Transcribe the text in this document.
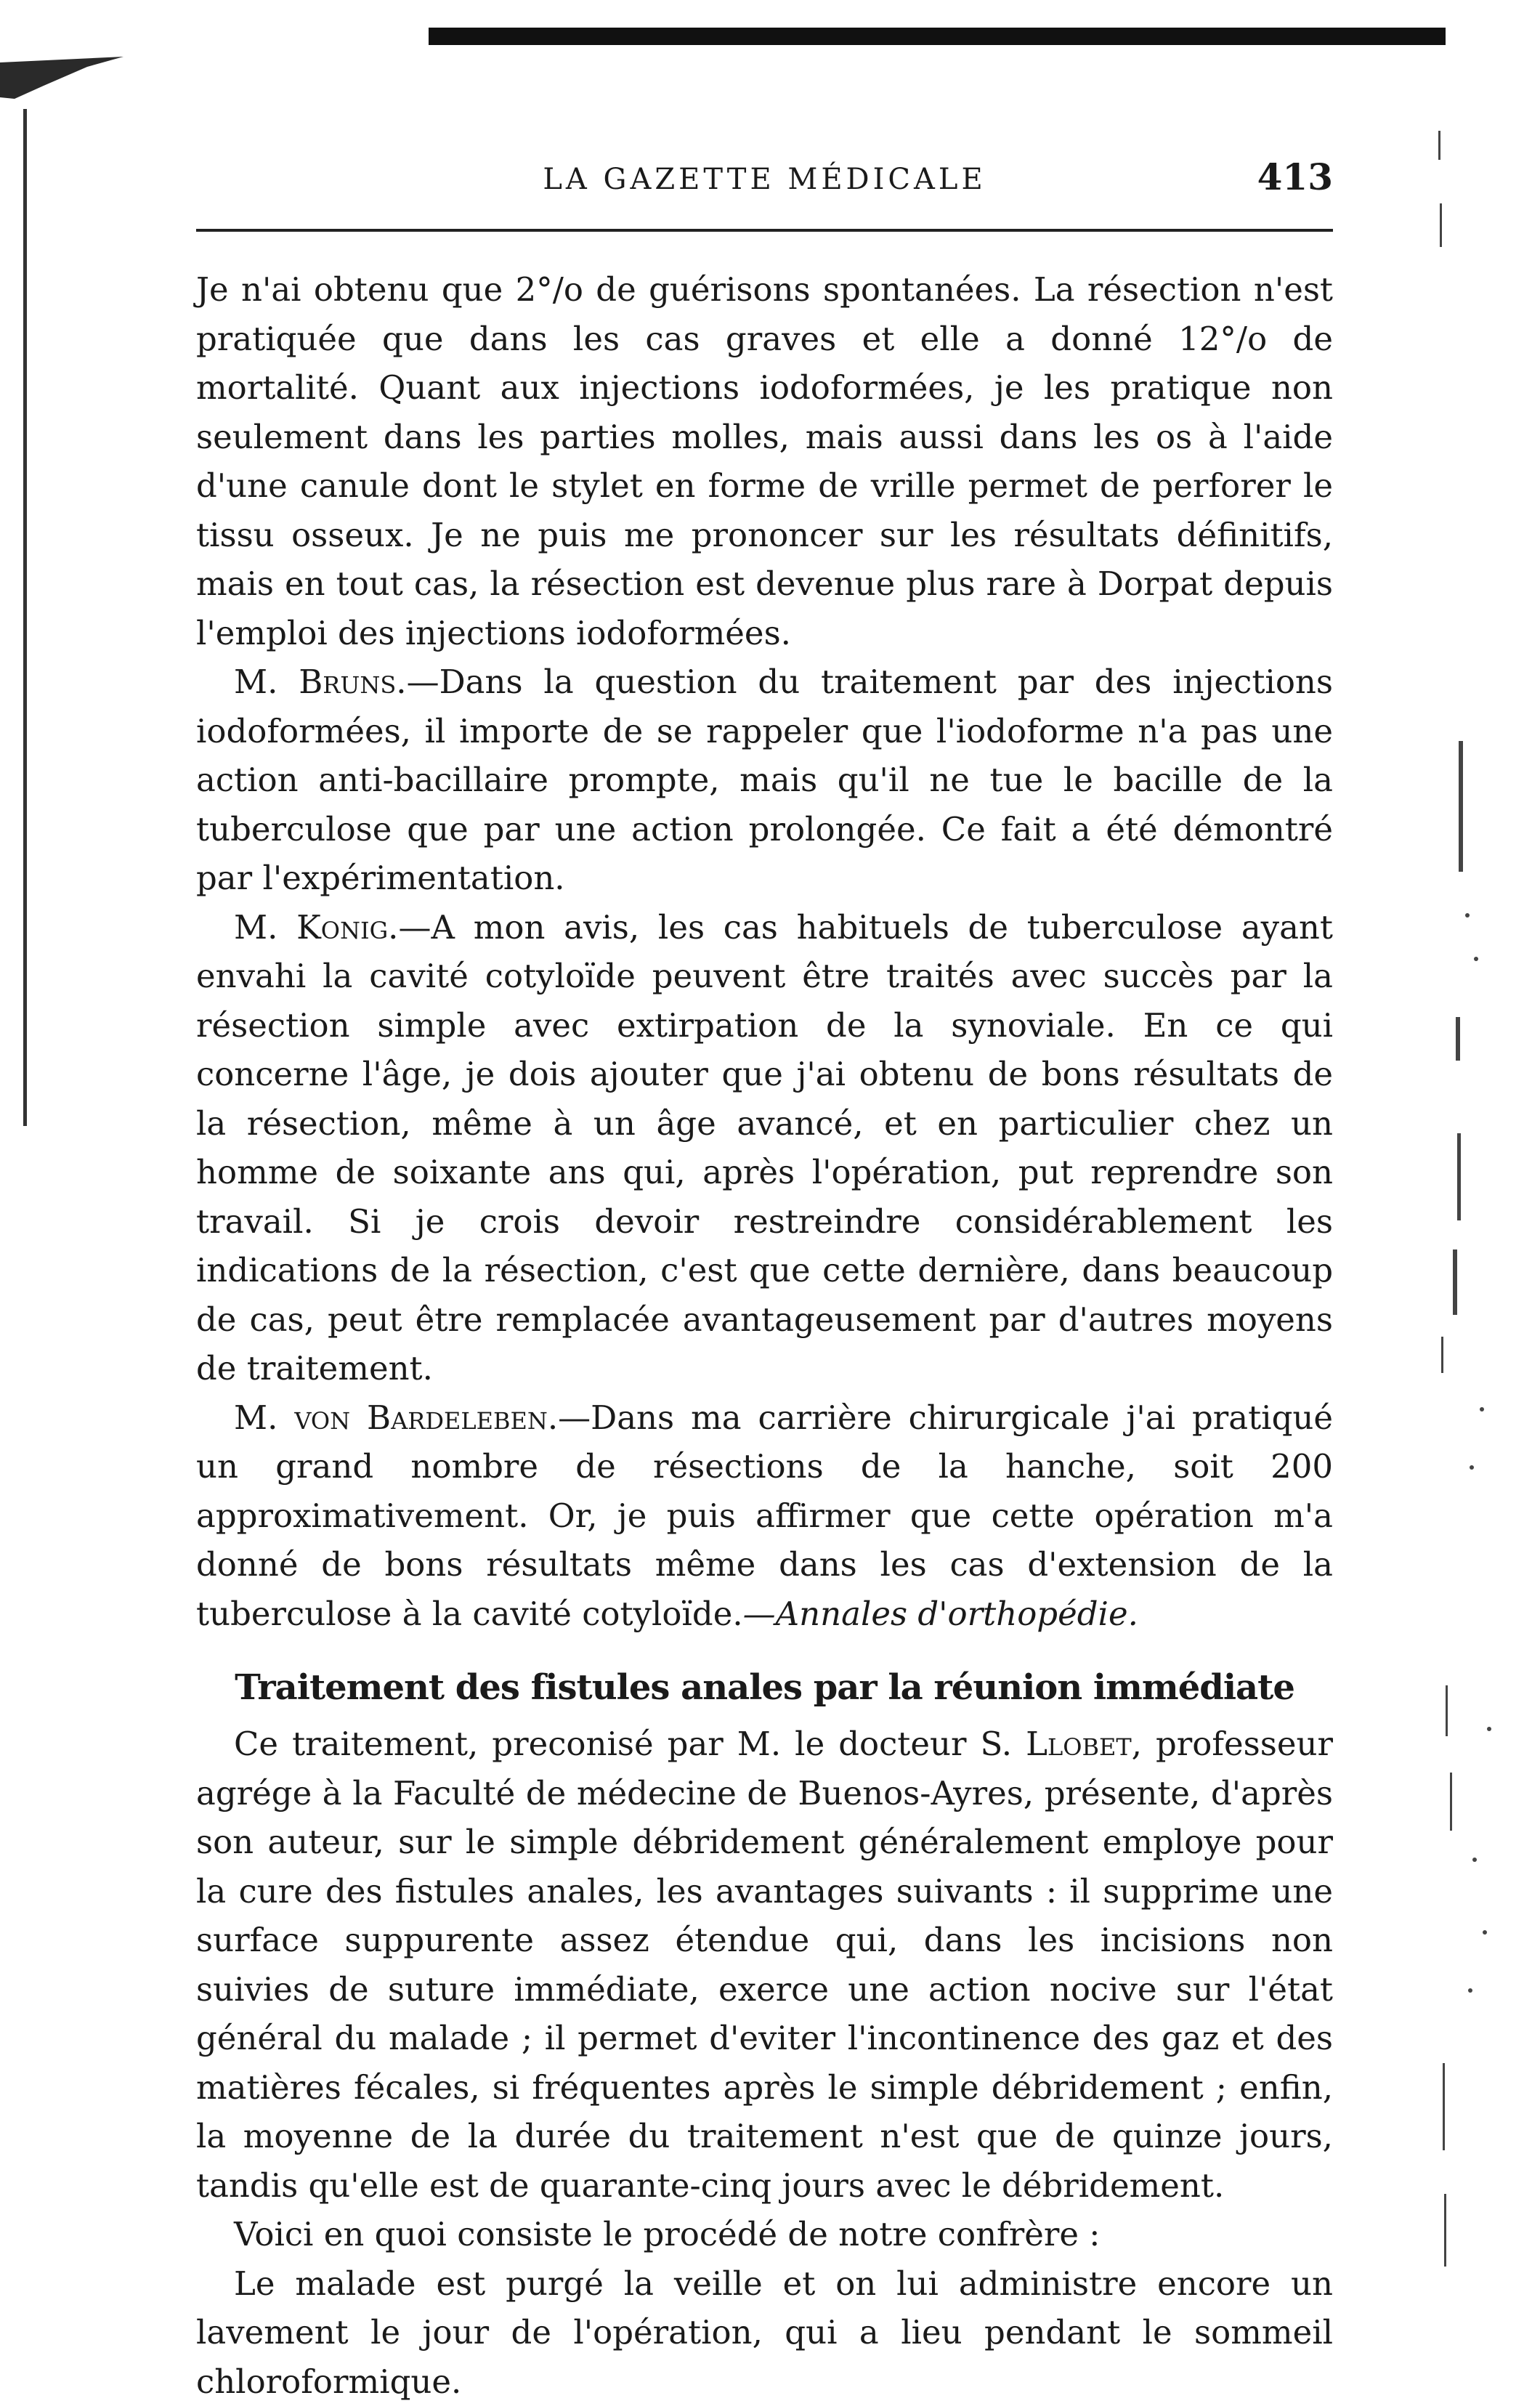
LA GAZETTE MÉDICALE	413

Je n'ai obtenu que 2°/o de guérisons spontanées. La résection n'est pratiquée que dans les cas graves et elle a donné 12°/o de mortalité. Quant aux injections iodoformées, je les pratique non seulement dans les parties molles, mais aussi dans les os à l'aide d'une canule dont le stylet en forme de vrille permet de perforer le tissu osseux. Je ne puis me prononcer sur les résultats définitifs, mais en tout cas, la résection est devenue plus rare à Dorpat depuis l'emploi des injections iodoformées.

M. Bruns.—Dans la question du traitement par des injections iodoformées, il importe de se rappeler que l'iodoforme n'a pas une action anti-bacillaire prompte, mais qu'il ne tue le bacille de la tuberculose que par une action prolongée. Ce fait a été démontré par l'expérimentation.

M. Konig.—A mon avis, les cas habituels de tuberculose ayant envahi la cavité cotyloïde peuvent être traités avec succès par la résection simple avec extirpation de la synoviale. En ce qui concerne l'âge, je dois ajouter que j'ai obtenu de bons résultats de la résection, même à un âge avancé, et en particulier chez un homme de soixante ans qui, après l'opération, put reprendre son travail. Si je crois devoir restreindre considérablement les indications de la résection, c'est que cette dernière, dans beaucoup de cas, peut être remplacée avantageusement par d'autres moyens de traitement.

M. von Bardeleben.—Dans ma carrière chirurgicale j'ai pratiqué un grand nombre de résections de la hanche, soit 200 approximativement. Or, je puis affirmer que cette opération m'a donné de bons résultats même dans les cas d'extension de la tuberculose à la cavité cotyloïde.—Annales d'orthopédie.

Traitement des fistules anales par la réunion immédiate

Ce traitement, preconisé par M. le docteur S. Llobet, professeur agrége à la Faculté de médecine de Buenos-Ayres, présente, d'après son auteur, sur le simple débridement généralement employe pour la cure des fistules anales, les avantages suivants : il supprime une surface suppurente assez étendue qui, dans les incisions non suivies de suture immédiate, exerce une action nocive sur l'état général du malade ; il permet d'eviter l'incontinence des gaz et des matières fécales, si fréquentes après le simple débridement ; enfin, la moyenne de la durée du traitement n'est que de quinze jours, tandis qu'elle est de quarante-cinq jours avec le débridement.

Voici en quoi consiste le procédé de notre confrère :

Le malade est purgé la veille et on lui administre encore un lavement le jour de l'opération, qui a lieu pendant le sommeil chloroformique.
